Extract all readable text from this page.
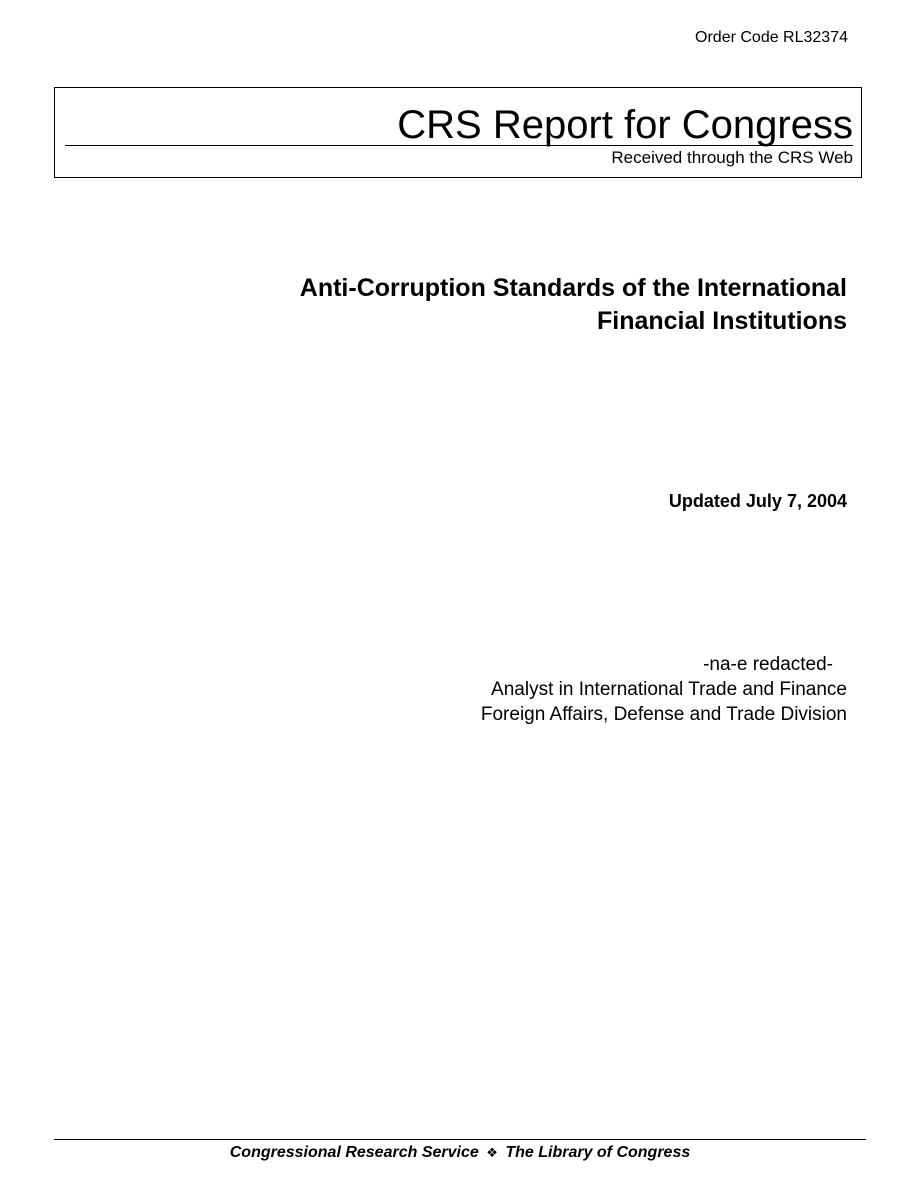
Order Code RL32374
CRS Report for Congress
Received through the CRS Web
Anti-Corruption Standards of the International
Financial Institutions
Updated July 7, 2004
-na-e redacted-
Analyst in International Trade and Finance
Foreign Affairs, Defense and Trade Division
Congressional Research Service ❖ The Library of Congress
